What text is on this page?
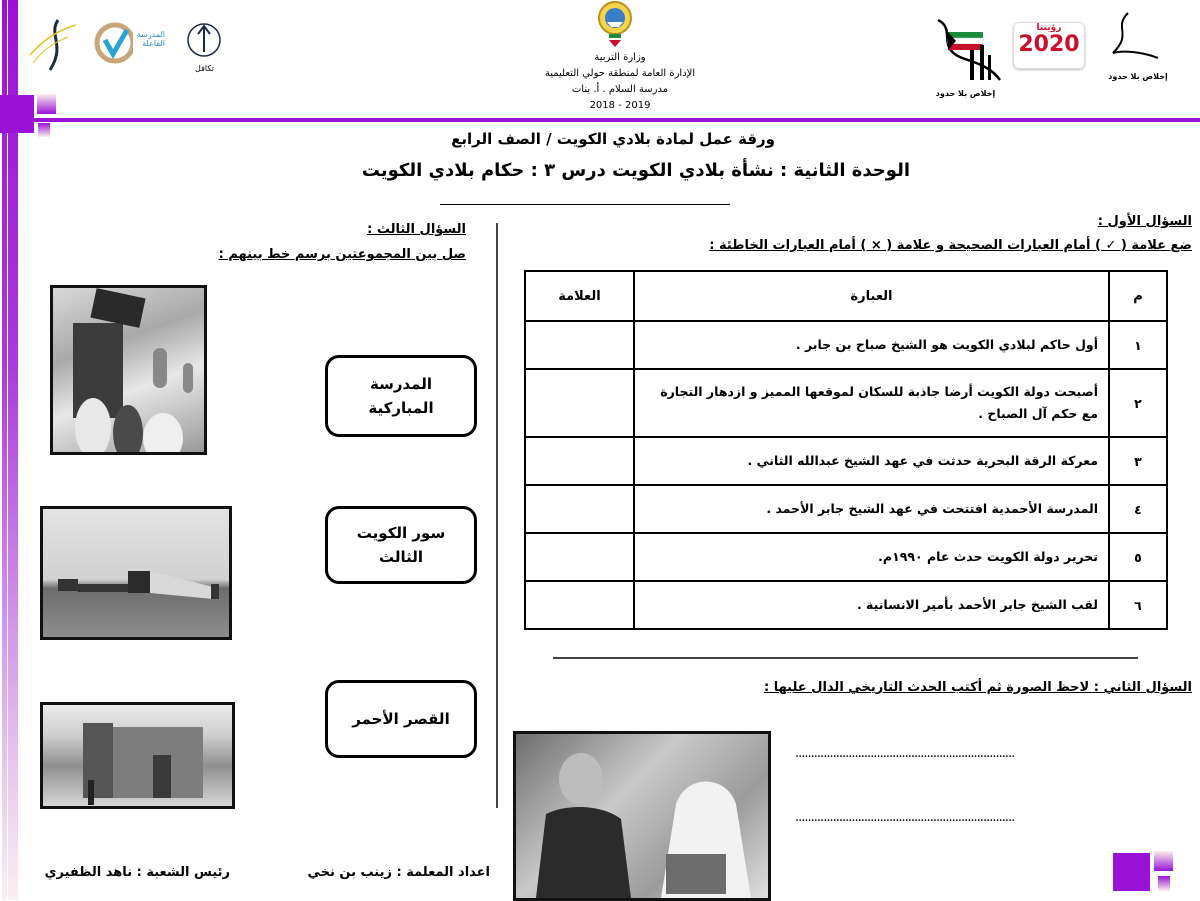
المدرسة الفاعلة
تكافل
إخلاص بلا حدود
رؤيتنا
2020
إخلاص بلا حدود
وزارة التربية
الإدارة العامة لمنطقة حولي التعليمية
مدرسة السلام . أ. بنات
2018 - 2019
ورقة عمل لمادة بلادي الكويت / الصف الرابع
الوحدة الثانية : نشأة بلادي الكويت درس ٣ : حكام بلادي الكويت
السؤال الأول :
ضع علامة ( ✓ ) أمام العبارات الصحيحة و علامة ( × ) أمام العبارات الخاطئة :
م	العبارة	العلامة
١	أول حاكم لبلادي الكويت هو الشيخ صباح بن جابر .	
٢	أصبحت دولة الكويت أرضا جاذبة للسكان لموقعها المميز و ازدهار التجارة مع حكم آل الصباح .	
٣	معركة الرقة البحرية حدثت في عهد الشيخ عبدالله الثاني .	
٤	المدرسة الأحمدية افتتحت في عهد الشيخ جابر الأحمد .	
٥	تحرير دولة الكويت حدث عام ١٩٩٠م.	
٦	لقب الشيخ جابر الأحمد بأمير الانسانية .	
السؤال الثاني : لاحظ الصورة ثم أكتب الحدث التاريخي الدال عليها :
......................................................................
......................................................................
السؤال الثالث :
صل بين المجموعتين برسم خط بينهم :
المدرسة
المباركية
سور الكويت
الثالث
القصر الأحمر
اعداد المعلمة : زينب بن نخي
رئيس الشعبة : ناهد الظفيري
